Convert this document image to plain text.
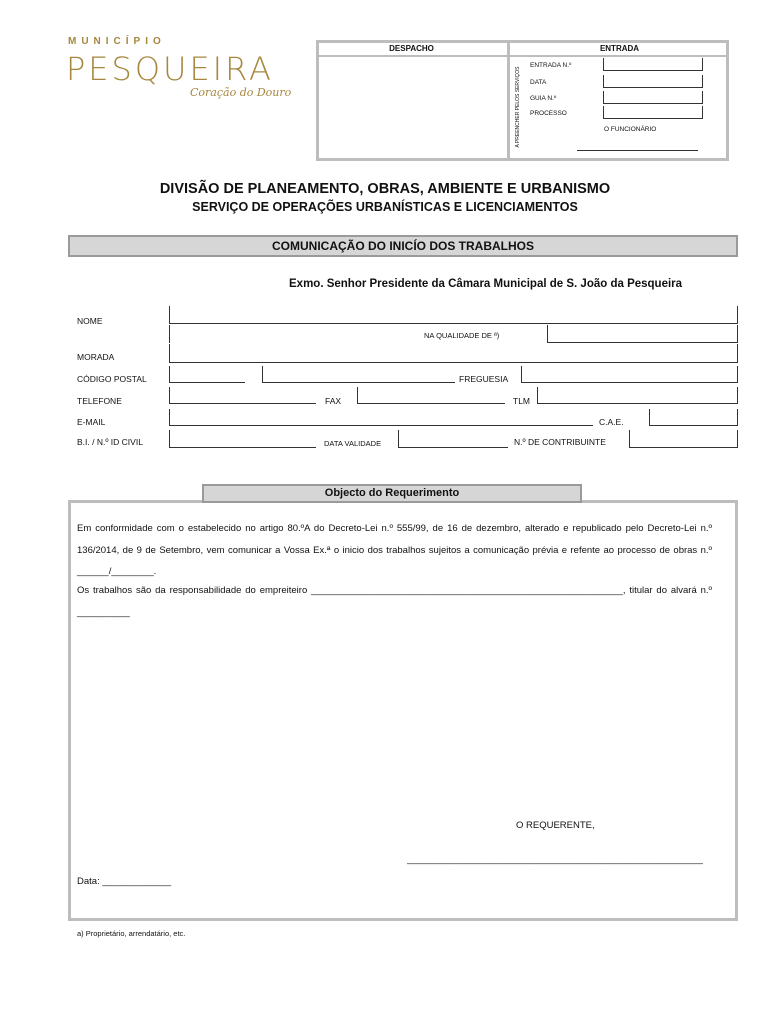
MUNICÍPIO
PESQUEIRA
Coração do Douro
DESPACHO	ENTRADA
A PREENCHER PELOS SERVIÇOS
ENTRADA N.º
DATA
GUIA N.º
PROCESSO
O FUNCIONÁRIO
DIVISÃO DE PLANEAMENTO, OBRAS, AMBIENTE E URBANISMO
SERVIÇO DE OPERAÇÕES URBANÍSTICAS E LICENCIAMENTOS
COMUNICAÇÃO DO INICÍO DOS TRABALHOS
Exmo. Senhor Presidente da Câmara Municipal de S. João da Pesqueira
NOME
NA QUALIDADE DE ª)
MORADA
CÓDIGO POSTAL	FREGUESIA
TELEFONE	FAX	TLM
E-MAIL	C.A.E.
B.I. / N.º ID CIVIL	DATA VALIDADE	N.º DE CONTRIBUINTE
Objecto do Requerimento
Em conformidade com o estabelecido no artigo 80.ºA do Decreto-Lei n.º 555/99, de 16 de dezembro, alterado e republicado pelo Decreto-Lei n.º 136/2014, de 9 de Setembro, vem comunicar a Vossa Ex.ª o inicio dos trabalhos sujeitos a comunicação prévia e refente ao processo de obras n.º ______/________.
Os trabalhos são da responsabilidade do empreiteiro ___________________________________________________________, titular do alvará n.º __________
O REQUERENTE,
________________________________________________________
Data: _____________
a) Proprietário, arrendatário, etc.
